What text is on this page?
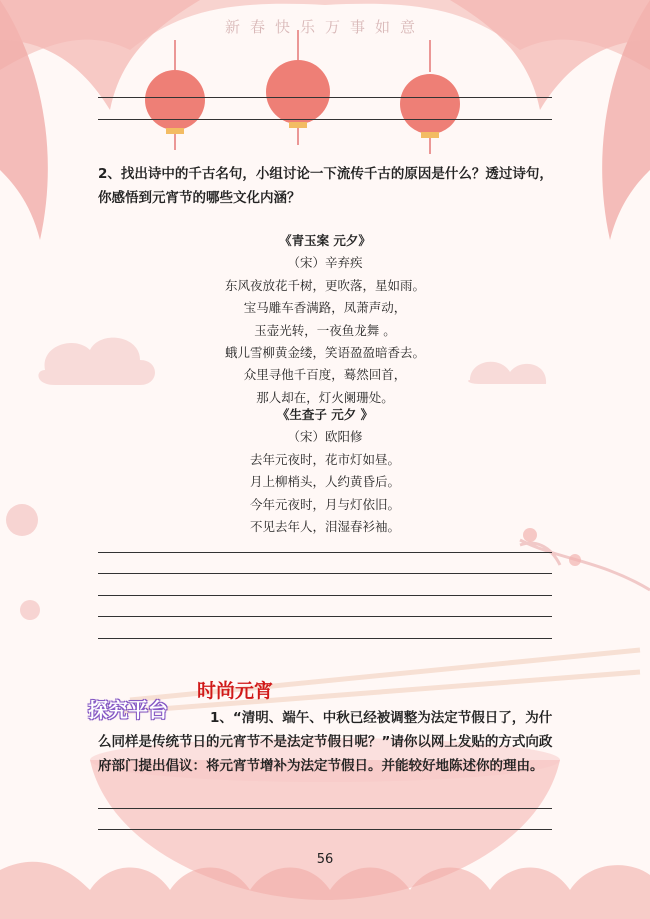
新春快乐万事如意
2、找出诗中的千古名句，小组讨论一下流传千古的原因是什么？透过诗句，你感悟到元宵节的哪些文化内涵？
《青玉案 元夕》
（宋）辛弃疾
东风夜放花千树，更吹落，星如雨。
宝马雕车香满路，凤萧声动，
玉壶光转，一夜鱼龙舞 。
蛾儿雪柳黄金缕，笑语盈盈暗香去。
众里寻他千百度，蓦然回首，
那人却在，灯火阑珊处。
《生查子 元夕 》
（宋）欧阳修
去年元夜时，花市灯如昼。
月上柳梢头，人约黄昏后。
今年元夜时，月与灯依旧。
不见去年人，泪湿春衫袖。
时尚元宵
探究平台	1、“清明、端午、中秋已经被调整为法定节假日了，为什么同样是传统节日的元宵节不是法定节假日呢？”请你以网上发贴的方式向政府部门提出倡议：将元宵节增补为法定节假日。并能较好地陈述你的理由。
56
